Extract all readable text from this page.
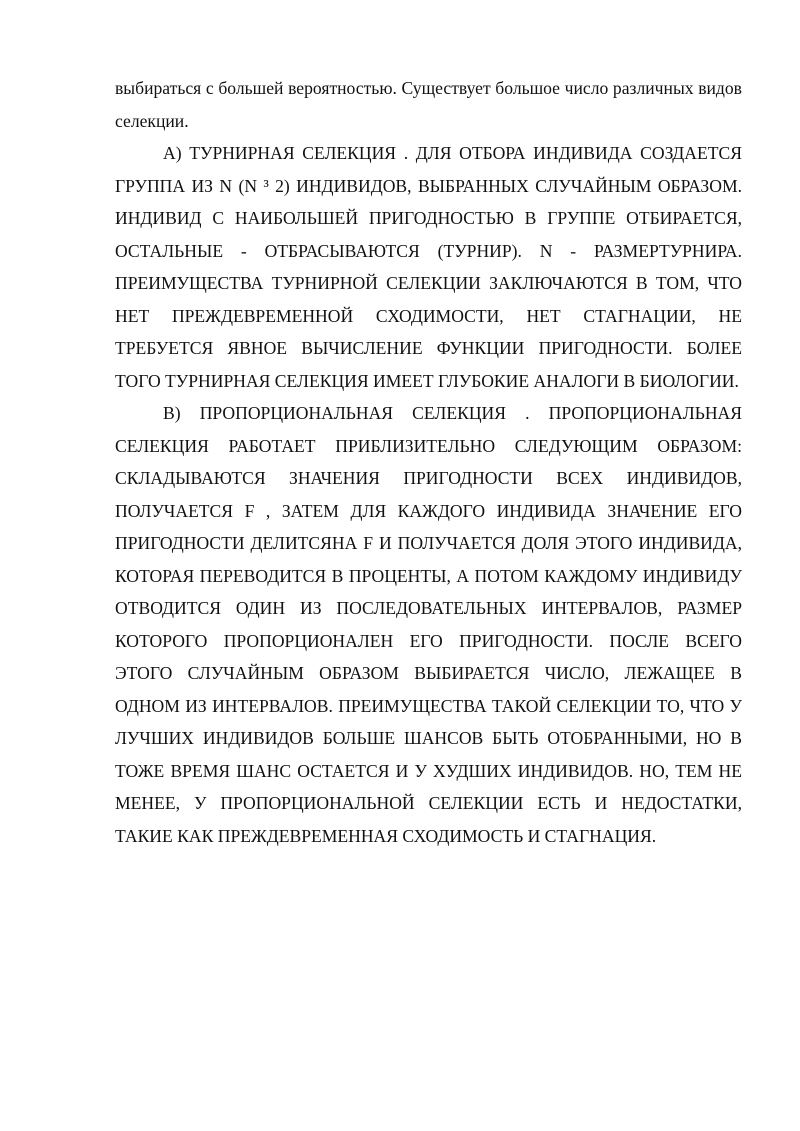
выбираться с большей вероятностью. Существует большое число различных видов селекции.

А) ТУРНИРНАЯ СЕЛЕКЦИЯ . ДЛЯ ОТБОРА ИНДИВИДА СОЗДАЕТСЯ ГРУППА ИЗ N (N ³ 2) ИНДИВИДОВ, ВЫБРАННЫХ СЛУЧАЙНЫМ ОБРАЗОМ. ИНДИВИД С НАИБОЛЬШЕЙ ПРИГОДНОСТЬЮ В ГРУППЕ ОТБИРАЕТСЯ, ОСТАЛЬНЫЕ - ОТБРАСЫВАЮТСЯ (ТУРНИР). N - РАЗМЕРТУРНИРА. ПРЕИМУЩЕСТВА ТУРНИРНОЙ СЕЛЕКЦИИ ЗАКЛЮЧАЮТСЯ В ТОМ, ЧТО НЕТ ПРЕЖДЕВРЕМЕННОЙ СХОДИМОСТИ, НЕТ СТАГНАЦИИ, НЕ ТРЕБУЕТСЯ ЯВНОЕ ВЫЧИСЛЕНИЕ ФУНКЦИИ ПРИГОДНОСТИ. БОЛЕЕ ТОГО ТУРНИРНАЯ СЕЛЕКЦИЯ ИМЕЕТ ГЛУБОКИЕ АНАЛОГИ В БИОЛОГИИ.

В) ПРОПОРЦИОНАЛЬНАЯ СЕЛЕКЦИЯ . ПРОПОРЦИОНАЛЬНАЯ СЕЛЕКЦИЯ РАБОТАЕТ ПРИБЛИЗИТЕЛЬНО СЛЕДУЮЩИМ ОБРАЗОМ: СКЛАДЫВАЮТСЯ ЗНАЧЕНИЯ ПРИГОДНОСТИ ВСЕХ ИНДИВИДОВ, ПОЛУЧАЕТСЯ F , ЗАТЕМ ДЛЯ КАЖДОГО ИНДИВИДА ЗНАЧЕНИЕ ЕГО ПРИГОДНОСТИ ДЕЛИТСЯНА F И ПОЛУЧАЕТСЯ ДОЛЯ ЭТОГО ИНДИВИДА, КОТОРАЯ ПЕРЕВОДИТСЯ В ПРОЦЕНТЫ, А ПОТОМ КАЖДОМУ ИНДИВИДУ ОТВОДИТСЯ ОДИН ИЗ ПОСЛЕДОВАТЕЛЬНЫХ ИНТЕРВАЛОВ, РАЗМЕР КОТОРОГО ПРОПОРЦИОНАЛЕН ЕГО ПРИГОДНОСТИ. ПОСЛЕ ВСЕГО ЭТОГО СЛУЧАЙНЫМ ОБРАЗОМ ВЫБИРАЕТСЯ ЧИСЛО, ЛЕЖАЩЕЕ В ОДНОМ ИЗ ИНТЕРВАЛОВ. ПРЕИМУЩЕСТВА ТАКОЙ СЕЛЕКЦИИ ТО, ЧТО У ЛУЧШИХ ИНДИВИДОВ БОЛЬШЕ ШАНСОВ БЫТЬ ОТОБРАННЫМИ, НО В ТОЖЕ ВРЕМЯ ШАНС ОСТАЕТСЯ И У ХУДШИХ ИНДИВИДОВ. НО, ТЕМ НЕ МЕНЕЕ, У ПРОПОРЦИОНАЛЬНОЙ СЕЛЕКЦИИ ЕСТЬ И НЕДОСТАТКИ, ТАКИЕ КАК ПРЕЖДЕВРЕМЕННАЯ СХОДИМОСТЬ И СТАГНАЦИЯ.
